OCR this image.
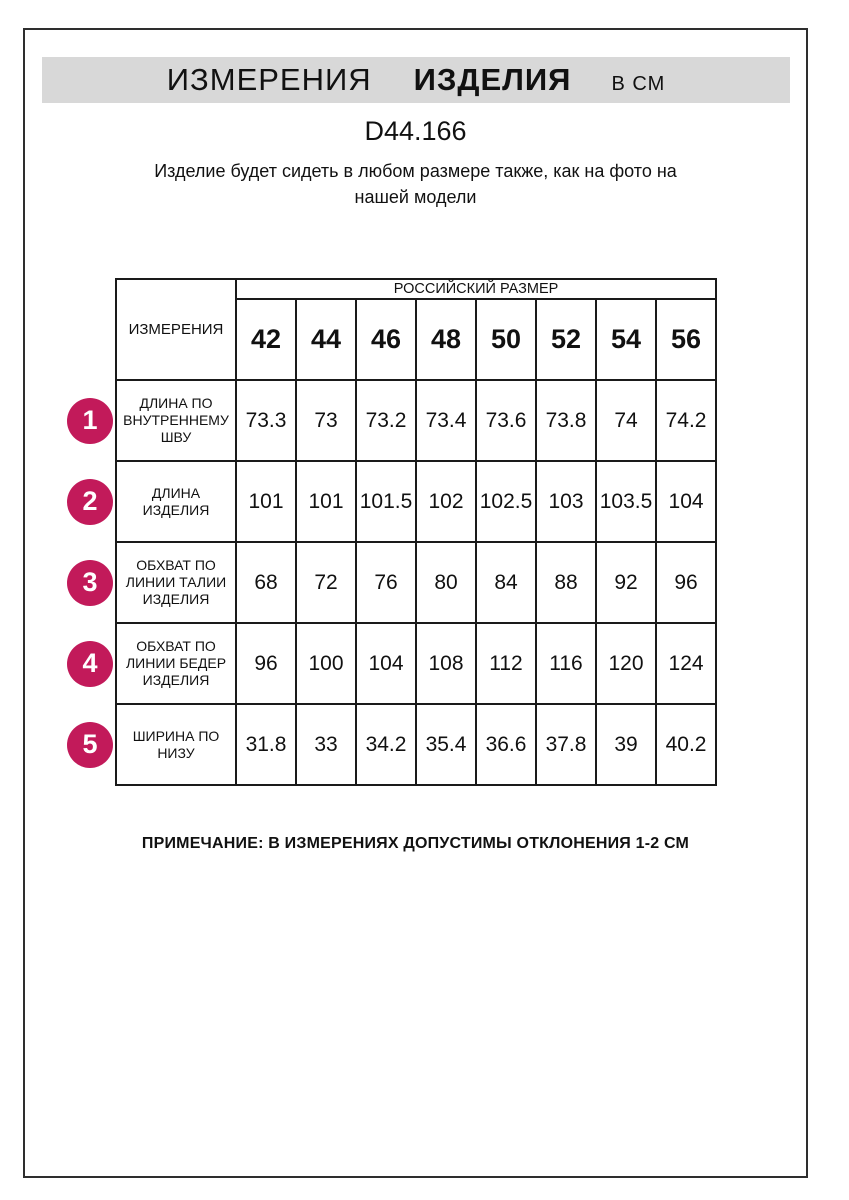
ИЗМЕРЕНИЯ ИЗДЕЛИЯ В СМ
D44.166
Изделие будет сидеть в любом размере также, как на фото на
нашей модели
ИЗМЕРЕНИЯ	РОССИЙСКИЙ РАЗМЕР							
	42	44	46	48	50	52	54	56
ДЛИНА ПО ВНУТРЕННЕМУ ШВУ	73.3	73	73.2	73.4	73.6	73.8	74	74.2
ДЛИНА ИЗДЕЛИЯ	101	101	101.5	102	102.5	103	103.5	104
ОБХВАТ ПО ЛИНИИ ТАЛИИ ИЗДЕЛИЯ	68	72	76	80	84	88	92	96
ОБХВАТ ПО ЛИНИИ БЕДЕР ИЗДЕЛИЯ	96	100	104	108	112	116	120	124
ШИРИНА ПО НИЗУ	31.8	33	34.2	35.4	36.6	37.8	39	40.2
1
2
3
4
5
ПРИМЕЧАНИЕ: В ИЗМЕРЕНИЯХ ДОПУСТИМЫ ОТКЛОНЕНИЯ 1-2 СМ
